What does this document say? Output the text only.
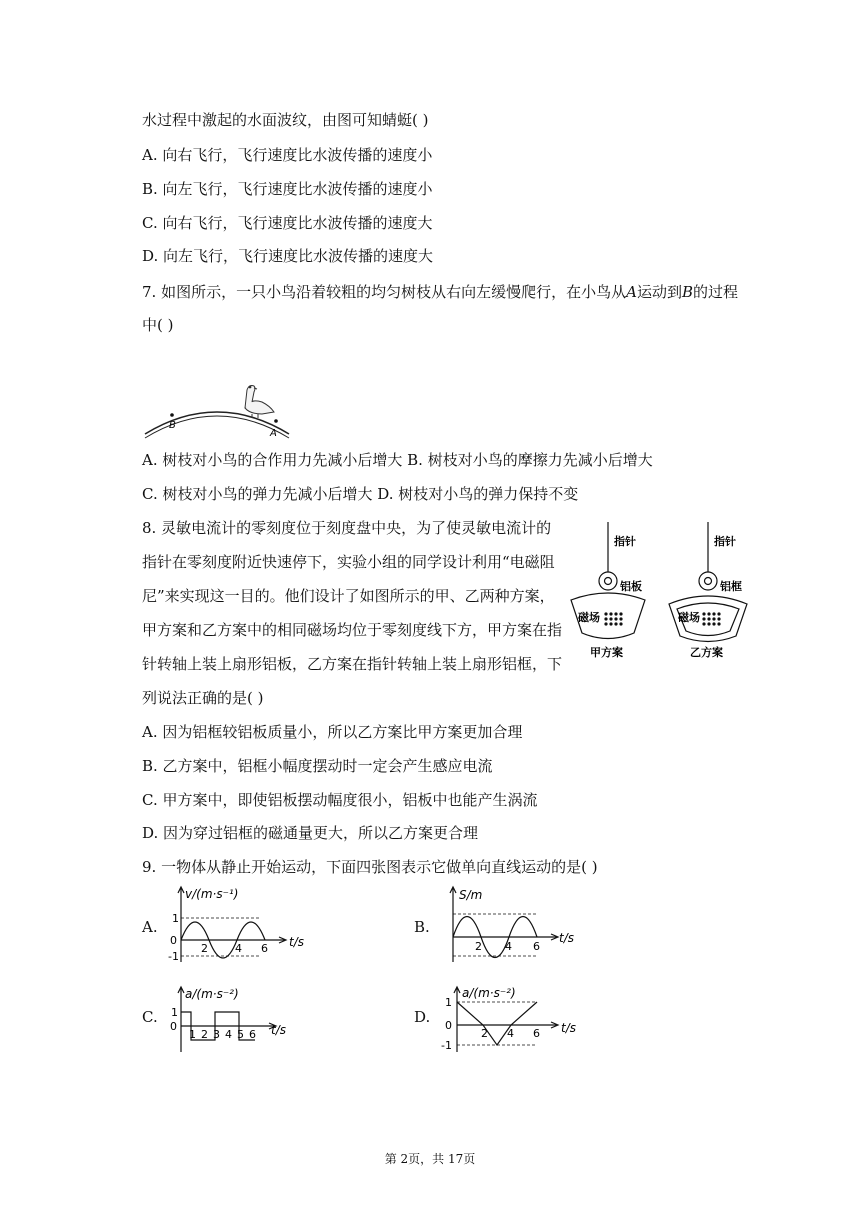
水过程中激起的水面波纹，由图可知蜻蜓( )
A. 向右飞行，飞行速度比水波传播的速度小
B. 向左飞行，飞行速度比水波传播的速度小
C. 向右飞行，飞行速度比水波传播的速度大
D. 向左飞行，飞行速度比水波传播的速度大
7. 如图所示，一只小鸟沿着较粗的均匀树枝从右向左缓慢爬行，在小鸟从A运动到B的过程
中( )
B
A
A. 树枝对小鸟的合作用力先减小后增大 B. 树枝对小鸟的摩擦力先减小后增大
C. 树枝对小鸟的弹力先减小后增大 D. 树枝对小鸟的弹力保持不变
8. 灵敏电流计的零刻度位于刻度盘中央，为了使灵敏电流计的
指针在零刻度附近快速停下，实验小组的同学设计利用“电磁阻
尼”来实现这一目的。他们设计了如图所示的甲、乙两种方案，
甲方案和乙方案中的相同磁场均位于零刻度线下方，甲方案在指
针转轴上装上扇形铝板，乙方案在指针转轴上装上扇形铝框，下
列说法正确的是( )
指针
铝板
磁场
甲方案
指针
铝框
磁场
乙方案
A. 因为铝框较铝板质量小，所以乙方案比甲方案更加合理
B. 乙方案中，铝框小幅度摆动时一定会产生感应电流
C. 甲方案中，即使铝板摆动幅度很小，铝板中也能产生涡流
D. 因为穿过铝框的磁通量更大，所以乙方案更合理
9. 一物体从静止开始运动，下面四张图表示它做单向直线运动的是( )
A.	B.
C.	D.
v/(m·s⁻¹)
1
0
-1
2 4 6 t/s
S/m
2 4 6
t/s
a/(m·s⁻²)
1
0
1 2 3 4 5 6 t/s
a/(m·s⁻²)
1
0
-1
2 4 6 t/s
第 2页，共 17页
